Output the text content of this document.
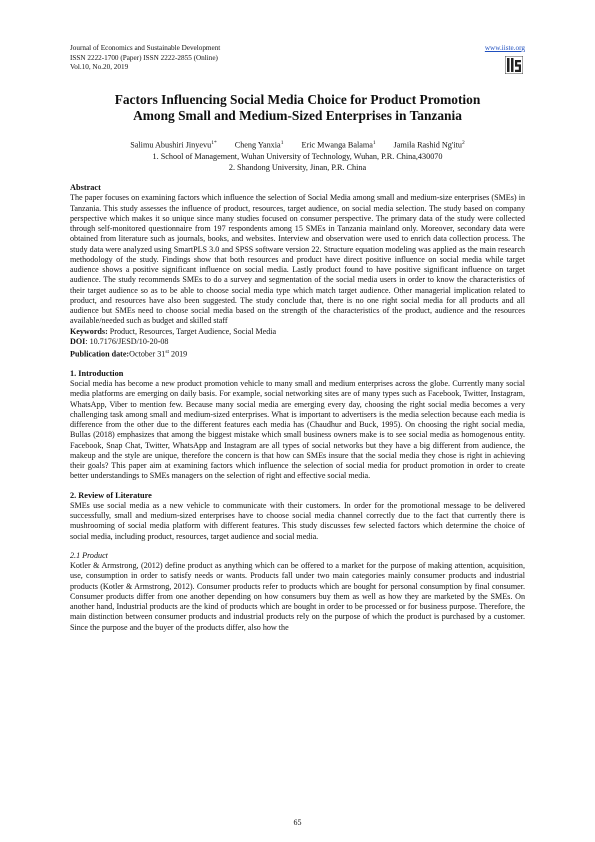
Journal of Economics and Sustainable Development
ISSN 2222-1700 (Paper) ISSN 2222-2855 (Online)
Vol.10, No.20, 2019
www.iiste.org
Factors Influencing Social Media Choice for Product Promotion
Among Small and Medium-Sized Enterprises in Tanzania
Salimu Abushiri Jinyevu$^{1*}$ Cheng Yanxia$^1$ Eric Mwanga Balama$^1$ Jamila Rashid Ng'itu$^2$
1. School of Management, Wuhan University of Technology, Wuhan, P.R. China,430070
2. Shandong University, Jinan, P.R. China
Abstract

The paper focuses on examining factors which influence the selection of Social Media among small and medium-size enterprises (SMEs) in Tanzania. This study assesses the influence of product, resources, target audience, on social media selection. The study based on company perspective which makes it so unique since many studies focused on consumer perspective. The primary data of the study were collected through self-monitored questionnaire from 197 respondents among 15 SMEs in Tanzania mainland only. Moreover, secondary data were obtained from literature such as journals, books, and websites. Interview and observation were used to enrich data collection process. The study data were analyzed using SmartPLS 3.0 and SPSS software version 22. Structure equation modeling was applied as the main research methodology of the study. Findings show that both resources and product have direct positive influence on social media while target audience shows a positive significant influence on social media. Lastly product found to have positive significant influence on target audience. The study recommends SMEs to do a survey and segmentation of the social media users in order to know the characteristics of their target audience so as to be able to choose social media type which match target audience. Other managerial implication related to product, and resources have also been suggested. The study conclude that, there is no one right social media for all products and all audience but SMEs need to choose social media based on the strength of the characteristics of the product, audience and the resources available/needed such as budget and skilled staff

Keywords: Product, Resources, Target Audience, Social Media
DOI: 10.7176/JESD/10-20-08
Publication date:October 31st 2019
1. Introduction

Social media has become a new product promotion vehicle to many small and medium enterprises across the globe. Currently many social media platforms are emerging on daily basis. For example, social networking sites are of many types such as Facebook, Twitter, Instagram, WhatsApp, Viber to mention few. Because many social media are emerging every day, choosing the right social media becomes a very challenging task among small and medium-sized enterprises. What is important to advertisers is the media selection because each media is difference from the other due to the different features each media has (Chaudhur and Buck, 1995). On choosing the right social media, Bullas (2018) emphasizes that among the biggest mistake which small business owners make is to see social media as homogenous entity. Facebook, Snap Chat, Twitter, WhatsApp and Instagram are all types of social networks but they have a big different from audience, the makeup and the style are unique, therefore the concern is that how can SMEs insure that the social media they chose is right in achieving their goals? This paper aim at examining factors which influence the selection of social media for product promotion in order to create better understandings to SMEs managers on the selection of right and effective social media.

2. Review of Literature

SMEs use social media as a new vehicle to communicate with their customers. In order for the promotional message to be delivered successfully, small and medium-sized enterprises have to choose social media channel correctly due to the fact that currently there is mushrooming of social media platform with different features. This study discusses few selected factors which determine the choice of social media, including product, resources, target audience and social media.

2.1 Product

Kotler & Armstrong, (2012) define product as anything which can be offered to a market for the purpose of making attention, acquisition, use, consumption in order to satisfy needs or wants. Products fall under two main categories mainly consumer products and industrial products (Kotler & Armstrong, 2012). Consumer products refer to products which are bought for personal consumption by final consumer. Consumer products differ from one another depending on how consumers buy them as well as how they are marketed by the SMEs. On another hand, Industrial products are the kind of products which are bought in order to be processed or for business purpose. Therefore, the main distinction between consumer products and industrial products rely on the purpose of which the product is purchased by a customer. Since the purpose and the buyer of the products differ, also how the

65
